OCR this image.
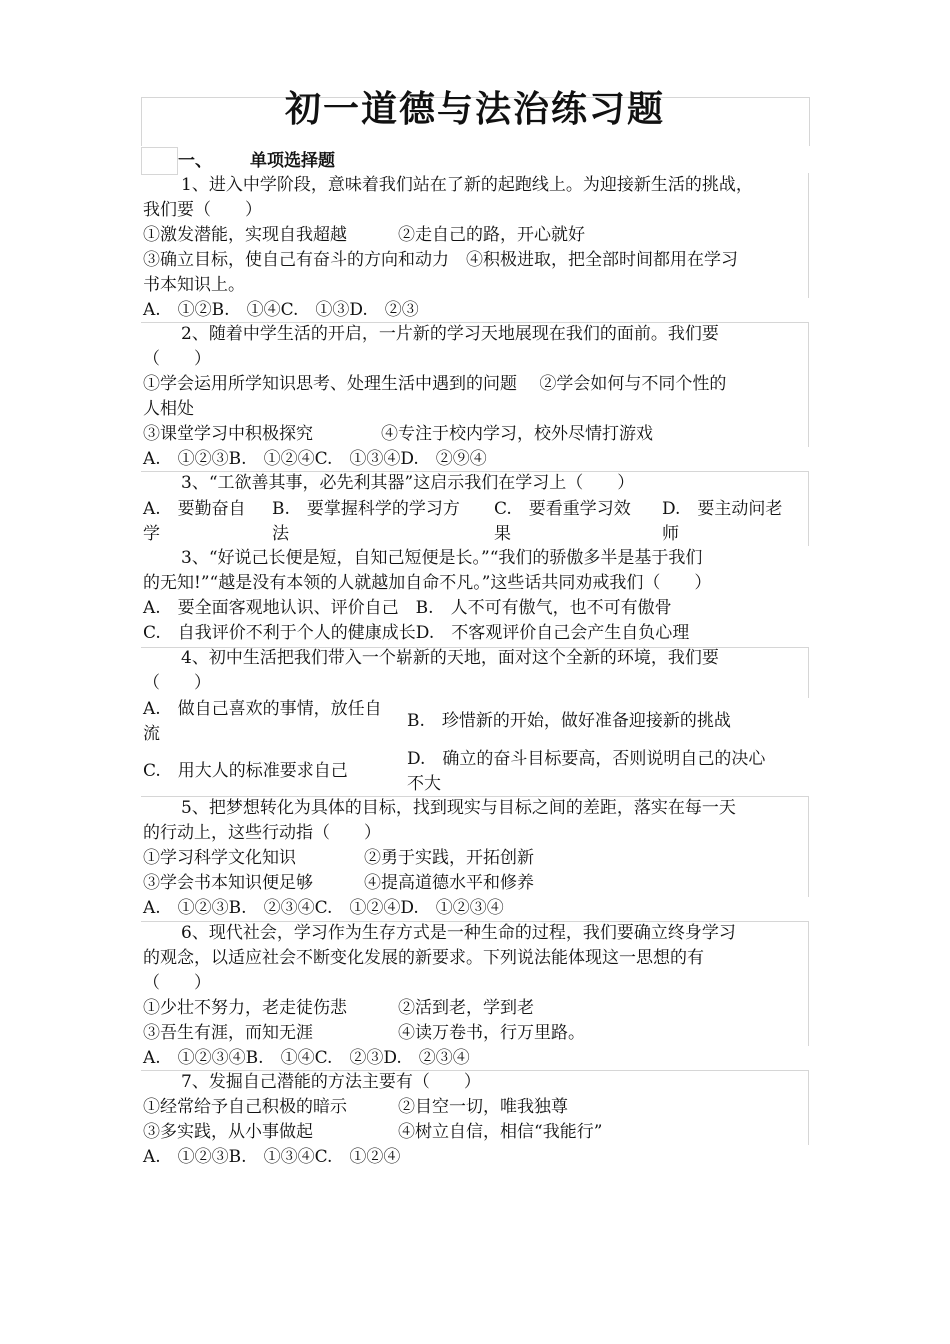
初一道德与法治练习题
一、 单项选择题
1、进入中学阶段，意味着我们站在了新的起跑线上。为迎接新生活的挑战，
我们要（　　）
①激发潜能，实现自我超越　　　②走自己的路，开心就好
③确立目标，使自己有奋斗的方向和动力　④积极进取，把全部时间都用在学习
书本知识上。
A.　①②B.　①④C.　①③D.　②③
2、随着中学生活的开启，一片新的学习天地展现在我们的面前。我们要
（　　）
①学会运用所学知识思考、处理生活中遇到的问题　 ②学会如何与不同个性的
人相处
③课堂学习中积极探究　　　　④专注于校内学习，校外尽情打游戏
A.　①②③B.　①②④C.　①③④D.　②⑨④
3、“工欲善其事，必先利其器”这启示我们在学习上（　　）
A.　要勤奋自
学
B.　要掌握科学的学习方
法
C.　要看重学习效
果
D.　要主动问老
师
3、“好说己长便是短，自知己短便是长。”“我们的骄傲多半是基于我们
的无知!”“越是没有本领的人就越加自命不凡。”这些话共同劝戒我们（　　）
A.　要全面客观地认识、评价自己　B.　人不可有傲气，也不可有傲骨
C.　自我评价不利于个人的健康成长D.　不客观评价自己会产生自负心理
4、初中生活把我们带入一个崭新的天地，面对这个全新的环境，我们要
（　　）
A.　做自己喜欢的事情，放任自
流
B.　珍惜新的开始，做好准备迎接新的挑战
C.　用大人的标准要求自己
D.　确立的奋斗目标要高，否则说明自己的决心
不大
5、把梦想转化为具体的目标，找到现实与目标之间的差距，落实在每一天
的行动上，这些行动指（　　）
①学习科学文化知识　　　　②勇于实践，开拓创新
③学会书本知识便足够　　　④提高道德水平和修养
A.　①②③B.　②③④C.　①②④D.　①②③④
6、现代社会，学习作为生存方式是一种生命的过程，我们要确立终身学习
的观念，以适应社会不断变化发展的新要求。下列说法能体现这一思想的有
（　　）
①少壮不努力，老走徒伤悲　　　②活到老，学到老
③吾生有涯，而知无涯　　　　　④读万卷书，行万里路。
A.　①②③④B.　①④C.　②③D.　②③④
7、发掘自己潜能的方法主要有（　　）
①经常给予自己积极的暗示　　　②目空一切，唯我独尊
③多实践，从小事做起　　　　　④树立自信，相信“我能行”
A.　①②③B.　①③④C.　①②④
